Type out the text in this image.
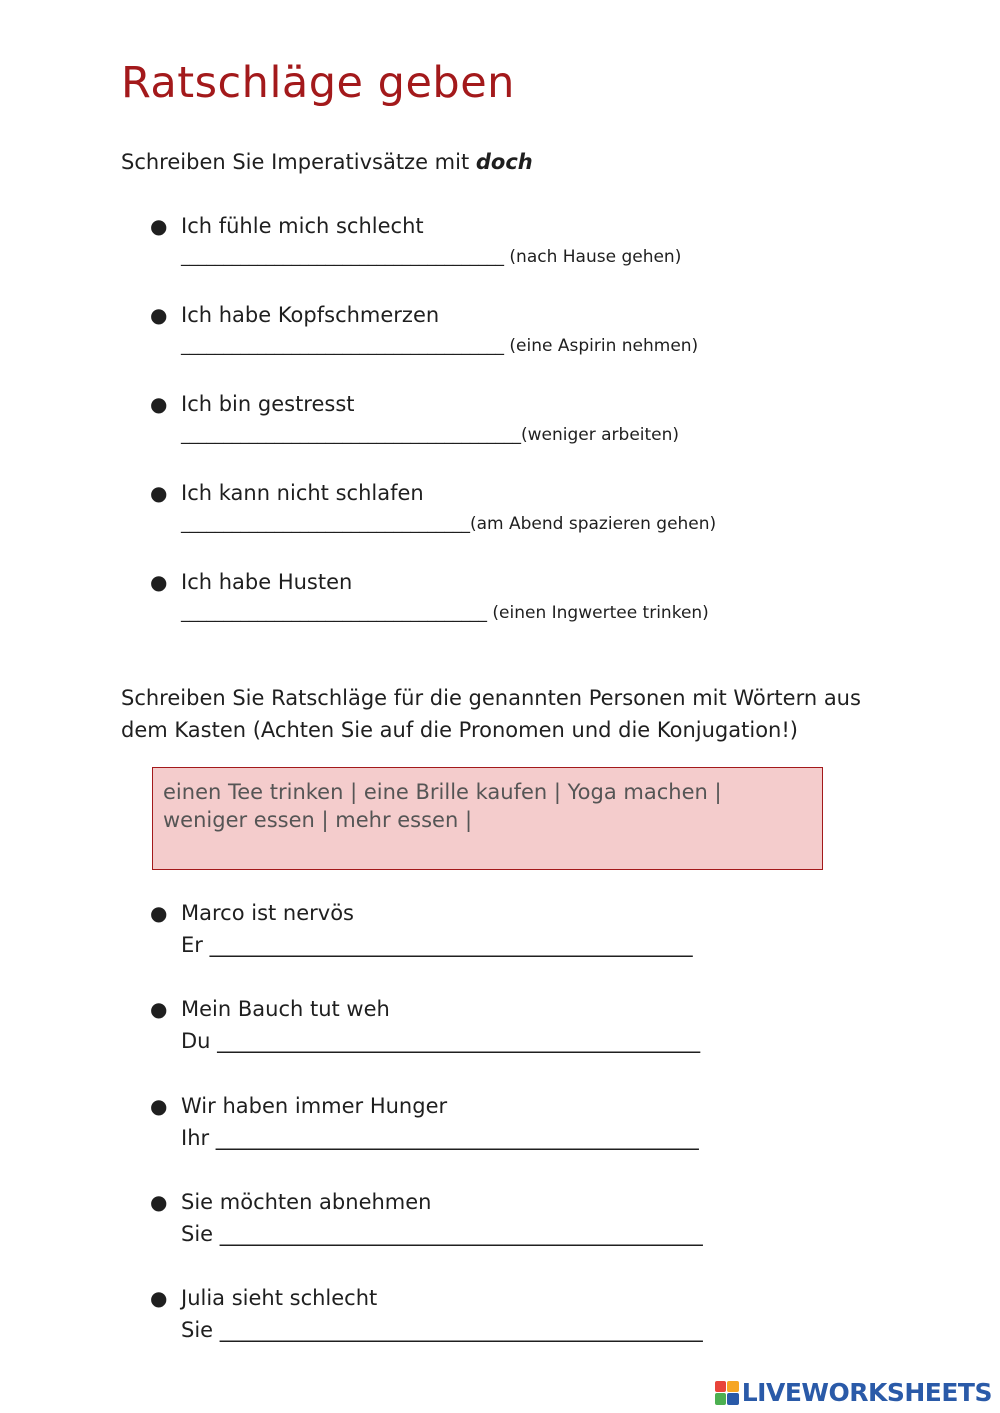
Ratschläge geben
Schreiben Sie Imperativsätze mit doch
● Ich fühle mich schlecht
______________________________________ (nach Hause gehen)
● Ich habe Kopfschmerzen
______________________________________ (eine Aspirin nehmen)
● Ich bin gestresst
________________________________________(weniger arbeiten)
● Ich kann nicht schlafen
__________________________________(am Abend spazieren gehen)
● Ich habe Husten
____________________________________ (einen Ingwertee trinken)
Schreiben Sie Ratschläge für die genannten Personen mit Wörtern aus dem Kasten (Achten Sie auf die Pronomen und die Konjugation!)
einen Tee trinken | eine Brille kaufen | Yoga machen | weniger essen | mehr essen |
● Marco ist nervös
Er ______________________________________________
● Mein Bauch tut weh
Du ______________________________________________
● Wir haben immer Hunger
Ihr ______________________________________________
● Sie möchten abnehmen
Sie ______________________________________________
● Julia sieht schlecht
Sie ______________________________________________
LIVEWORKSHEETS
